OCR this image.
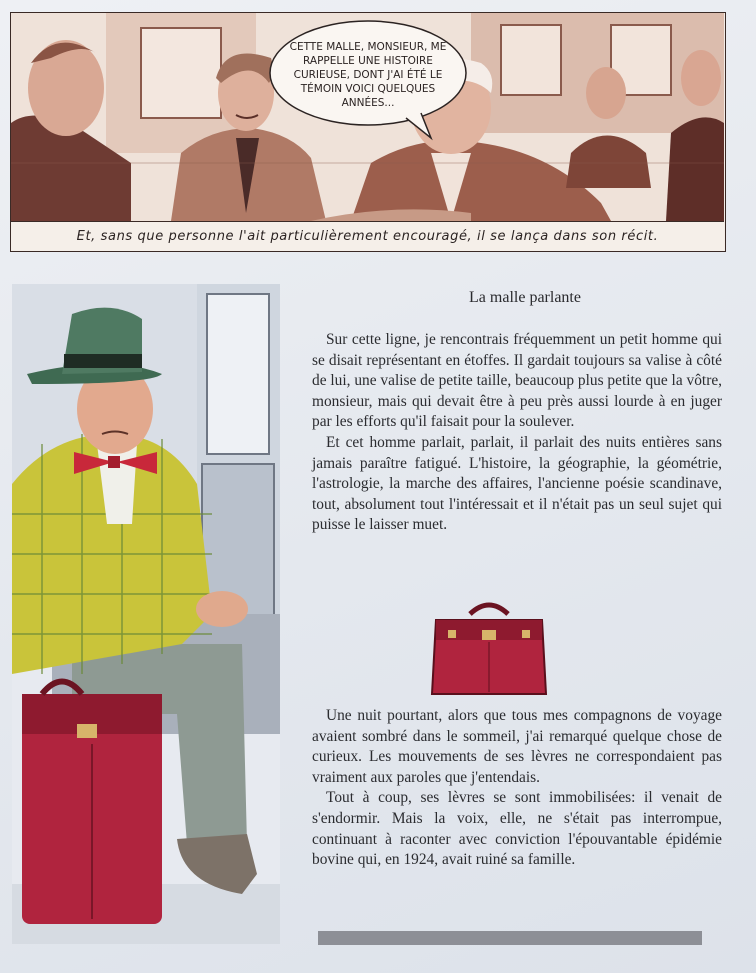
CETTE MALLE, MONSIEUR, ME RAPPELLE UNE HISTOIRE CURIEUSE, DONT J'AI ÉTÉ LE TÉMOIN VOICI QUELQUES ANNÉES...
Et, sans que personne l'ait particulièrement encouragé, il se lança dans son récit.
La malle parlante

Sur cette ligne, je rencontrais fréquemment un petit homme qui se disait représentant en étoffes. Il gardait toujours sa valise à côté de lui, une valise de petite taille, beaucoup plus petite que la vôtre, monsieur, mais qui devait être à peu près aussi lourde à en juger par les efforts qu'il faisait pour la soulever.

Et cet homme parlait, parlait, il parlait des nuits entières sans jamais paraître fatigué. L'histoire, la géographie, la géométrie, l'astrologie, la marche des affaires, l'ancienne poésie scandinave, tout, absolument tout l'intéressait et il n'était pas un seul sujet qui puisse le laisser muet.

Une nuit pourtant, alors que tous mes compagnons de voyage avaient sombré dans le sommeil, j'ai remarqué quelque chose de curieux. Les mouvements de ses lèvres ne correspondaient pas vraiment aux paroles que j'entendais.

Tout à coup, ses lèvres se sont immobilisées: il venait de s'endormir. Mais la voix, elle, ne s'était pas interrompue, continuant à raconter avec conviction l'épouvantable épidémie bovine qui, en 1924, avait ruiné sa famille.
